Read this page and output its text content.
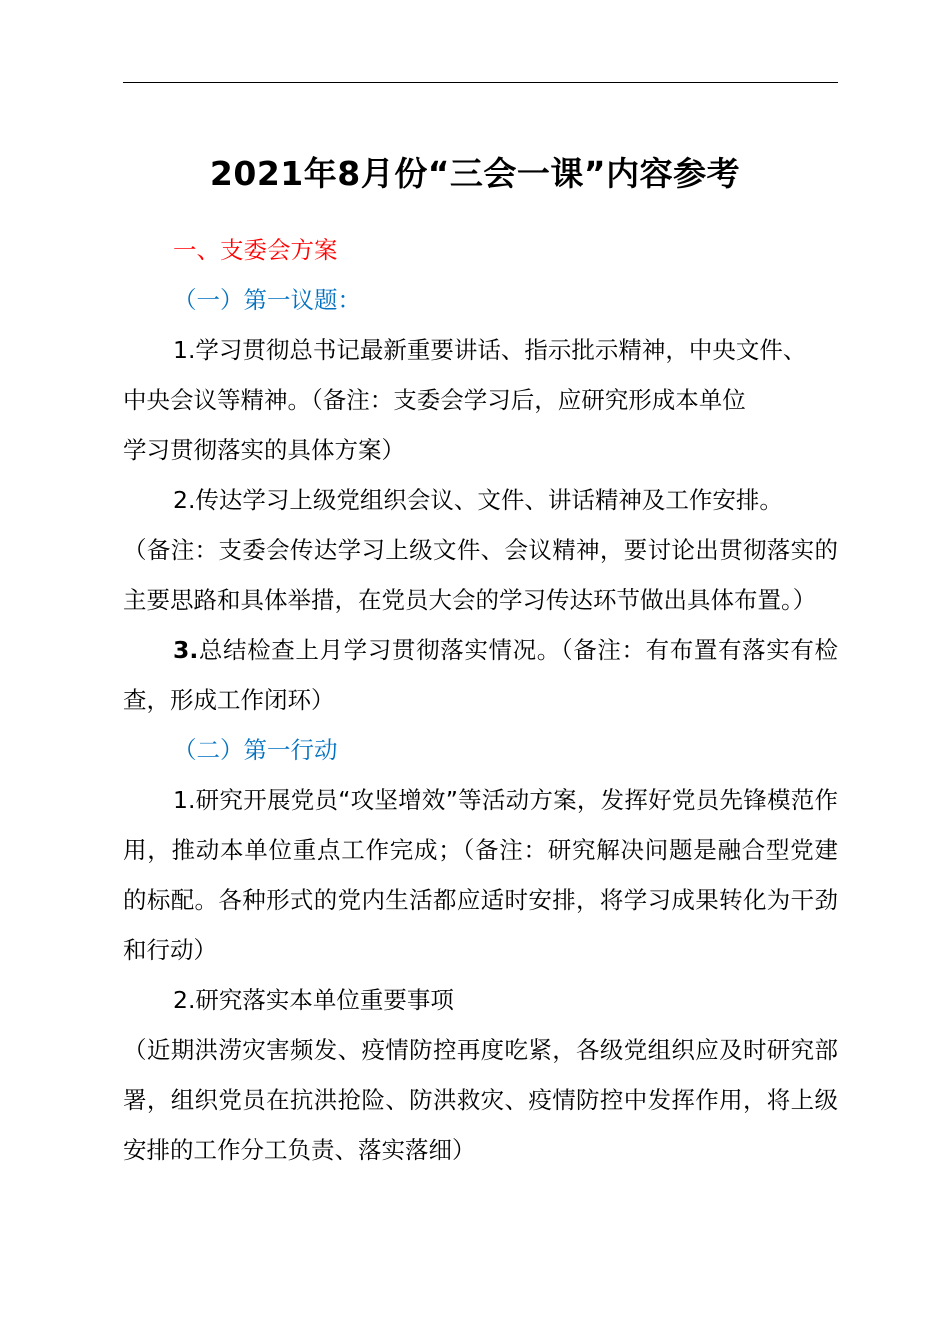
2021年8月份“三会一课”内容参考

一、支委会方案

（一）第一议题：

1.学习贯彻总书记最新重要讲话、指示批示精神，中央文件、

中央会议等精神。（备注：支委会学习后，应研究形成本单位

学习贯彻落实的具体方案）

2.传达学习上级党组织会议、文件、讲话精神及工作安排。

（备注：支委会传达学习上级文件、会议精神，要讨论出贯彻落实的主要思路和具体举措，在党员大会的学习传达环节做出具体布置。）

3.总结检查上月学习贯彻落实情况。（备注：有布置有落实有检查，形成工作闭环）

（二）第一行动

1.研究开展党员“攻坚增效”等活动方案，发挥好党员先锋模范作用，推动本单位重点工作完成；（备注：研究解决问题是融合型党建的标配。各种形式的党内生活都应适时安排，将学习成果转化为干劲和行动）

2.研究落实本单位重要事项

（近期洪涝灾害频发、疫情防控再度吃紧，各级党组织应及时研究部署，组织党员在抗洪抢险、防洪救灾、疫情防控中发挥作用，将上级安排的工作分工负责、落实落细）
